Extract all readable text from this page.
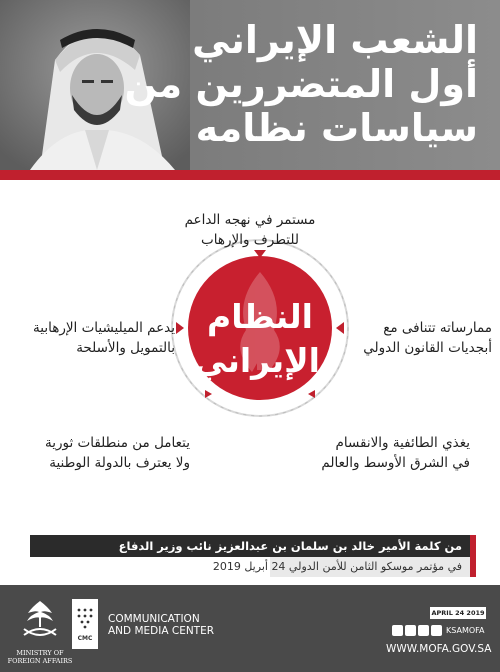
الشعب الإيراني
أول المتضررين من
سياسات نظامه
النظام
الإيراني
مستمر في نهجه الداعم
للتطرف والإرهاب
ممارساته تتنافى مع
أبجديات القانون الدولي
يدعم الميليشيات الإرهابية
بالتمويل والأسلحة
يتعامل من منطلقات ثورية
ولا يعترف بالدولة الوطنية
يغذي الطائفية والانقسام
في الشرق الأوسط والعالم
من كلمة الأمير خالد بن سلمان بن عبدالعزيز نائب وزير الدفاع
في مؤتمر موسكو الثامن للأمن الدولي 24 أبريل 2019
MINISTRY OF
FOREIGN AFFAIRS
CMC
COMMUNICATION
AND MEDIA CENTER
APRIL 24 2019
KSAMOFA
WWW.MOFA.GOV.SA
